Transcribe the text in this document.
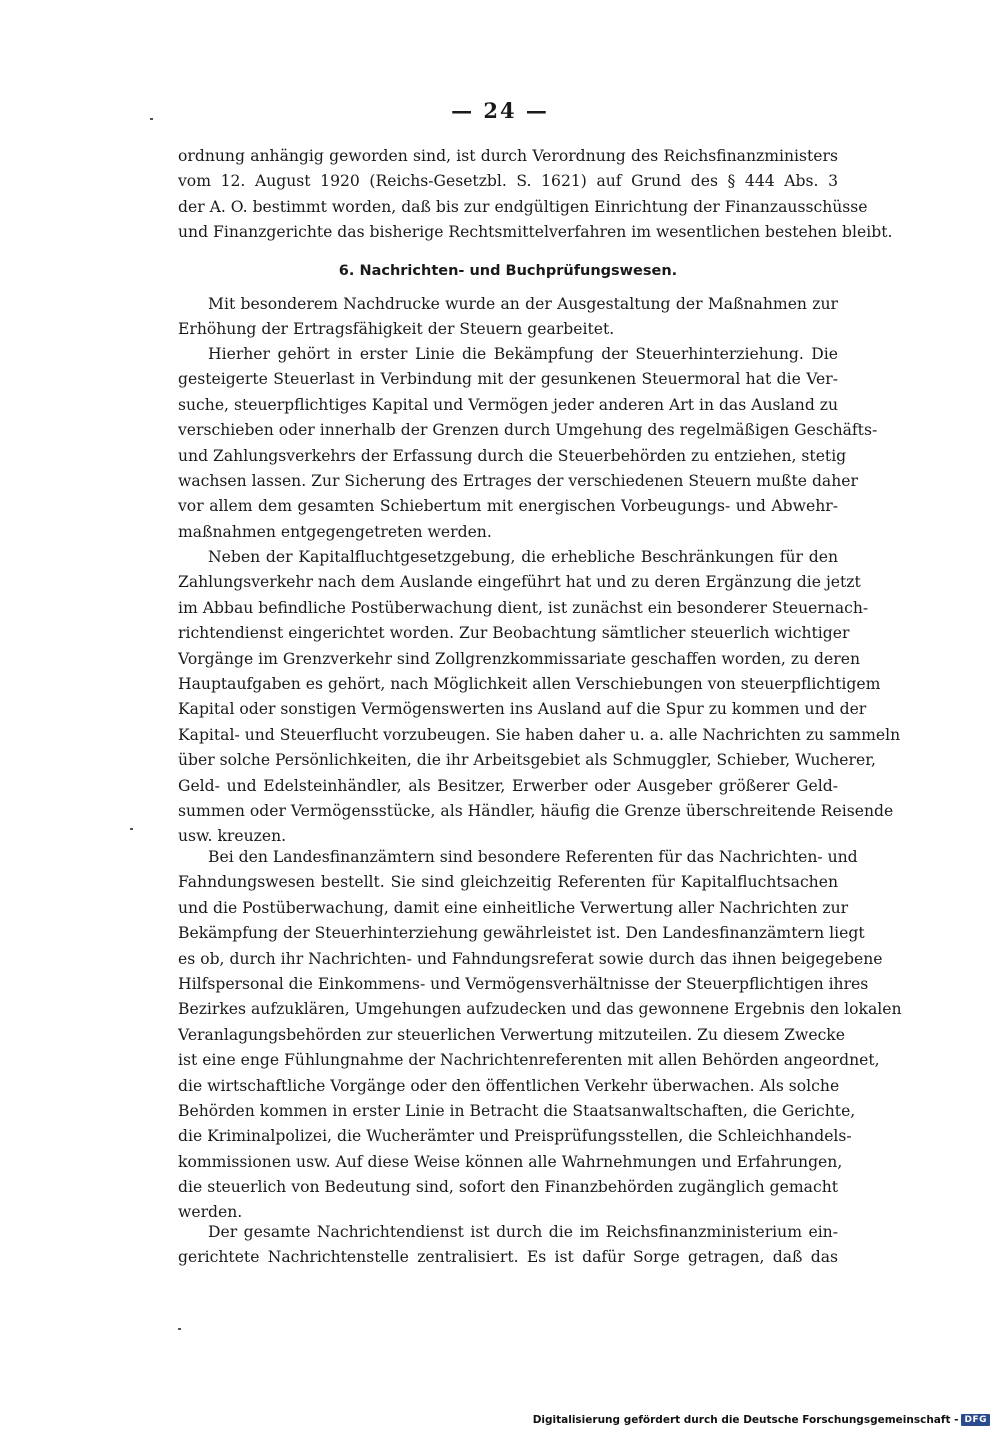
— 24 —
ordnung anhängig geworden sind, ist durch Verordnung des Reichsfinanzministers
vom 12. August 1920 (Reichs-Gesetzbl. S. 1621) auf Grund des § 444 Abs. 3
der A. O. bestimmt worden, daß bis zur endgültigen Einrichtung der Finanzausschüsse
und Finanzgerichte das bisherige Rechtsmittelverfahren im wesentlichen bestehen bleibt.
6. Nachrichten- und Buchprüfungswesen.
Mit besonderem Nachdrucke wurde an der Ausgestaltung der Maßnahmen zur
Erhöhung der Ertragsfähigkeit der Steuern gearbeitet.
Hierher gehört in erster Linie die Bekämpfung der Steuerhinterziehung. Die
gesteigerte Steuerlast in Verbindung mit der gesunkenen Steuermoral hat die Ver-
suche, steuerpflichtiges Kapital und Vermögen jeder anderen Art in das Ausland zu
verschieben oder innerhalb der Grenzen durch Umgehung des regelmäßigen Geschäfts-
und Zahlungsverkehrs der Erfassung durch die Steuerbehörden zu entziehen, stetig
wachsen lassen. Zur Sicherung des Ertrages der verschiedenen Steuern mußte daher
vor allem dem gesamten Schiebertum mit energischen Vorbeugungs- und Abwehr-
maßnahmen entgegengetreten werden.
Neben der Kapitalfluchtgesetzgebung, die erhebliche Beschränkungen für den
Zahlungsverkehr nach dem Auslande eingeführt hat und zu deren Ergänzung die jetzt
im Abbau befindliche Postüberwachung dient, ist zunächst ein besonderer Steuernach-
richtendienst eingerichtet worden. Zur Beobachtung sämtlicher steuerlich wichtiger
Vorgänge im Grenzverkehr sind Zollgrenzkommissariate geschaffen worden, zu deren
Hauptaufgaben es gehört, nach Möglichkeit allen Verschiebungen von steuerpflichtigem
Kapital oder sonstigen Vermögenswerten ins Ausland auf die Spur zu kommen und der
Kapital- und Steuerflucht vorzubeugen. Sie haben daher u. a. alle Nachrichten zu sammeln
über solche Persönlichkeiten, die ihr Arbeitsgebiet als Schmuggler, Schieber, Wucherer,
Geld- und Edelsteinhändler, als Besitzer, Erwerber oder Ausgeber größerer Geld-
summen oder Vermögensstücke, als Händler, häufig die Grenze überschreitende Reisende
usw. kreuzen.
Bei den Landesfinanzämtern sind besondere Referenten für das Nachrichten- und
Fahndungswesen bestellt. Sie sind gleichzeitig Referenten für Kapitalfluchtsachen
und die Postüberwachung, damit eine einheitliche Verwertung aller Nachrichten zur
Bekämpfung der Steuerhinterziehung gewährleistet ist. Den Landesfinanzämtern liegt
es ob, durch ihr Nachrichten- und Fahndungsreferat sowie durch das ihnen beigegebene
Hilfspersonal die Einkommens- und Vermögensverhältnisse der Steuerpflichtigen ihres
Bezirkes aufzuklären, Umgehungen aufzudecken und das gewonnene Ergebnis den lokalen
Veranlagungsbehörden zur steuerlichen Verwertung mitzuteilen. Zu diesem Zwecke
ist eine enge Fühlungnahme der Nachrichtenreferenten mit allen Behörden angeordnet,
die wirtschaftliche Vorgänge oder den öffentlichen Verkehr überwachen. Als solche
Behörden kommen in erster Linie in Betracht die Staatsanwaltschaften, die Gerichte,
die Kriminalpolizei, die Wucherämter und Preisprüfungsstellen, die Schleichhandels-
kommissionen usw. Auf diese Weise können alle Wahrnehmungen und Erfahrungen,
die steuerlich von Bedeutung sind, sofort den Finanzbehörden zugänglich gemacht
werden.
Der gesamte Nachrichtendienst ist durch die im Reichsfinanzministerium ein-
gerichtete Nachrichtenstelle zentralisiert. Es ist dafür Sorge getragen, daß das
Digitalisierung gefördert durch die Deutsche Forschungsgemeinschaft - DFG
